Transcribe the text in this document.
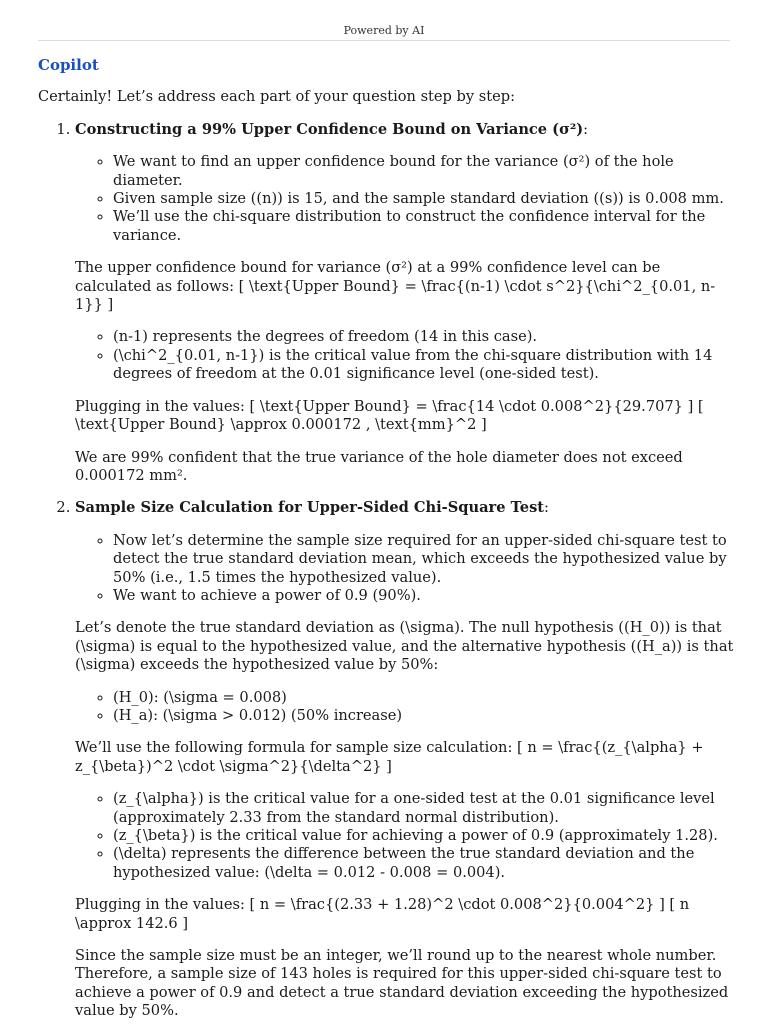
Powered by AI
Copilot

Certainly! Let’s address each part of your question step by step:

1. Constructing a 99% Upper Confidence Bound on Variance (σ²):
◦ We want to find an upper confidence bound for the variance (σ²) of the hole diameter.
◦ Given sample size ((n)) is 15, and the sample standard deviation ((s)) is 0.008 mm.
◦ We’ll use the chi-square distribution to construct the confidence interval for the variance.

The upper confidence bound for variance (σ²) at a 99% confidence level can be calculated as follows: [ \text{Upper Bound} = \frac{(n-1) \cdot s^2}{\chi^2_{0.01, n-1}} ]

◦ (n-1) represents the degrees of freedom (14 in this case).
◦ (\chi^2_{0.01, n-1}) is the critical value from the chi-square distribution with 14 degrees of freedom at the 0.01 significance level (one-sided test).

Plugging in the values: [ \text{Upper Bound} = \frac{14 \cdot 0.008^2}{29.707} ] [ \text{Upper Bound} \approx 0.000172 , \text{mm}^2 ]

We are 99% confident that the true variance of the hole diameter does not exceed 0.000172 mm².

2. Sample Size Calculation for Upper-Sided Chi-Square Test:
◦ Now let’s determine the sample size required for an upper-sided chi-square test to detect the true standard deviation mean, which exceeds the hypothesized value by 50% (i.e., 1.5 times the hypothesized value).
◦ We want to achieve a power of 0.9 (90%).

Let’s denote the true standard deviation as (\sigma). The null hypothesis ((H_0)) is that (\sigma) is equal to the hypothesized value, and the alternative hypothesis ((H_a)) is that (\sigma) exceeds the hypothesized value by 50%:

◦ (H_0): (\sigma = 0.008)
◦ (H_a): (\sigma > 0.012) (50% increase)

We’ll use the following formula for sample size calculation: [ n = \frac{(z_{\alpha} + z_{\beta})^2 \cdot \sigma^2}{\delta^2} ]

◦ (z_{\alpha}) is the critical value for a one-sided test at the 0.01 significance level (approximately 2.33 from the standard normal distribution).
◦ (z_{\beta}) is the critical value for achieving a power of 0.9 (approximately 1.28).
◦ (\delta) represents the difference between the true standard deviation and the hypothesized value: (\delta = 0.012 - 0.008 = 0.004).

Plugging in the values: [ n = \frac{(2.33 + 1.28)^2 \cdot 0.008^2}{0.004^2} ] [ n \approx 142.6 ]

Since the sample size must be an integer, we’ll round up to the nearest whole number. Therefore, a sample size of 143 holes is required for this upper-sided chi-square test to achieve a power of 0.9 and detect a true standard deviation exceeding the hypothesized value by 50%.
